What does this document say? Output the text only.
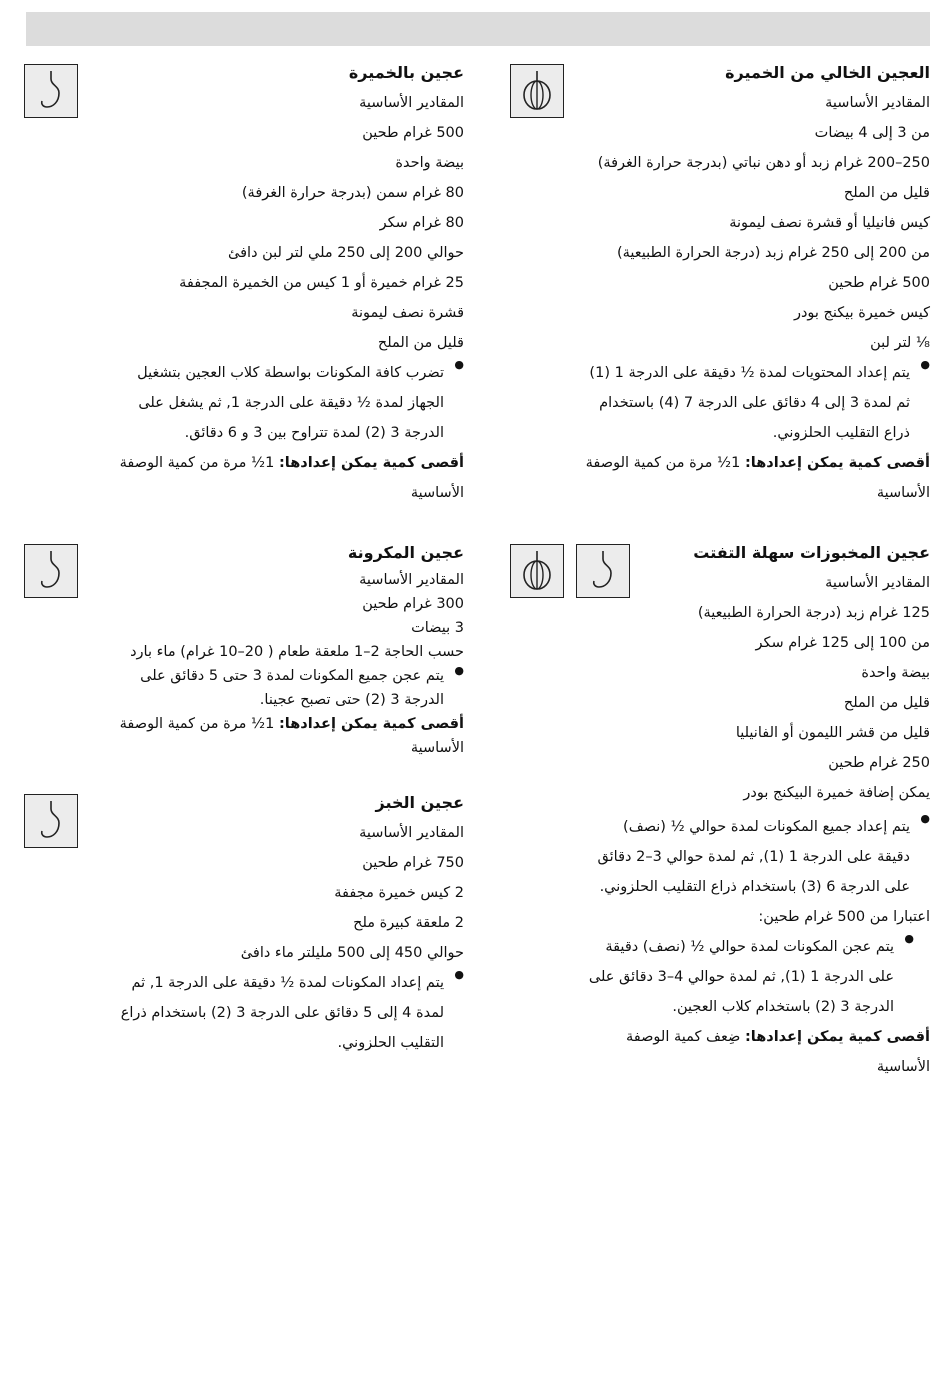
العجين الخالي من الخميرة

المقادير الأساسية

من 3 إلى 4 بيضات

250–200 غرام زبد أو دهن نباتي (بدرجة حرارة الغرفة)

قليل من الملح

كيس فانيليا أو قشرة نصف ليمونة

من 200 إلى 250 غرام زبد (درجة الحرارة الطبيعية)

500 غرام طحين

كيس خميرة بيكنج بودر

⅛ لتر لبن

● يتم إعداد المحتويات لمدة ½ دقيقة على الدرجة 1 (1)
ثم لمدة 3 إلى 4 دقائق على الدرجة 7 (4) باستخدام
ذراع التقليب الحلزوني.
أقصى كمية يمكن إعدادها: 1½ مرة من كمية الوصفة
الأساسية
عجين المخبوزات سهلة التفتت

المقادير الأساسية

125 غرام زبد (درجة الحرارة الطبيعية)

من 100 إلى 125 غرام سكر

بيضة واحدة

قليل من الملح

قليل من قشر الليمون أو الفانيليا

250 غرام طحين

يمكن إضافة خميرة البيكنج بودر

● يتم إعداد جميع المكونات لمدة حوالي ½ (نصف)
دقيقة على الدرجة 1 (1), ثم لمدة حوالي 3–2 دقائق
على الدرجة 6 (3) باستخدام ذراع التقليب الحلزوني.

اعتبارا من 500 غرام طحين:

● يتم عجن المكونات لمدة حوالي ½ (نصف) دقيقة
على الدرجة 1 (1), ثم لمدة حوالي 4–3 دقائق على
الدرجة 3 (2) باستخدام كلاب العجين.
أقصى كمية يمكن إعدادها: ضِعف كمية الوصفة
الأساسية
عجين بالخميرة

المقادير الأساسية

500 غرام طحين

بيضة واحدة

80 غرام سمن (بدرجة حرارة الغرفة)

80 غرام سكر

حوالي 200 إلى 250 ملي لتر لبن دافئ

25 غرام خميرة أو 1 كيس من الخميرة المجففة

قشرة نصف ليمونة

قليل من الملح

● تضرب كافة المكونات بواسطة كلاب العجين بتشغيل
الجهاز لمدة ½ دقيقة على الدرجة 1, ثم يشغل على
الدرجة 3 (2) لمدة تتراوح بين 3 و 6 دقائق.
أقصى كمية يمكن إعدادها: 1½ مرة من كمية الوصفة
الأساسية
عجين المكرونة

المقادير الأساسية

300 غرام طحين

3 بيضات

حسب الحاجة 2–1 ملعقة طعام ( 20–10 غرام) ماء بارد

● يتم عجن جميع المكونات لمدة 3 حتى 5 دقائق على
الدرجة 3 (2) حتى تصبح عجينا.
أقصى كمية يمكن إعدادها: 1½ مرة من كمية الوصفة
الأساسية
عجين الخبز

المقادير الأساسية

750 غرام طحين

2 كيس خميرة مجففة

2 ملعقة كبيرة ملح

حوالي 450 إلى 500 مليلتر ماء دافئ

● يتم إعداد المكونات لمدة ½ دقيقة على الدرجة 1, ثم
لمدة 4 إلى 5 دقائق على الدرجة 3 (2) باستخدام ذراع
التقليب الحلزوني.
